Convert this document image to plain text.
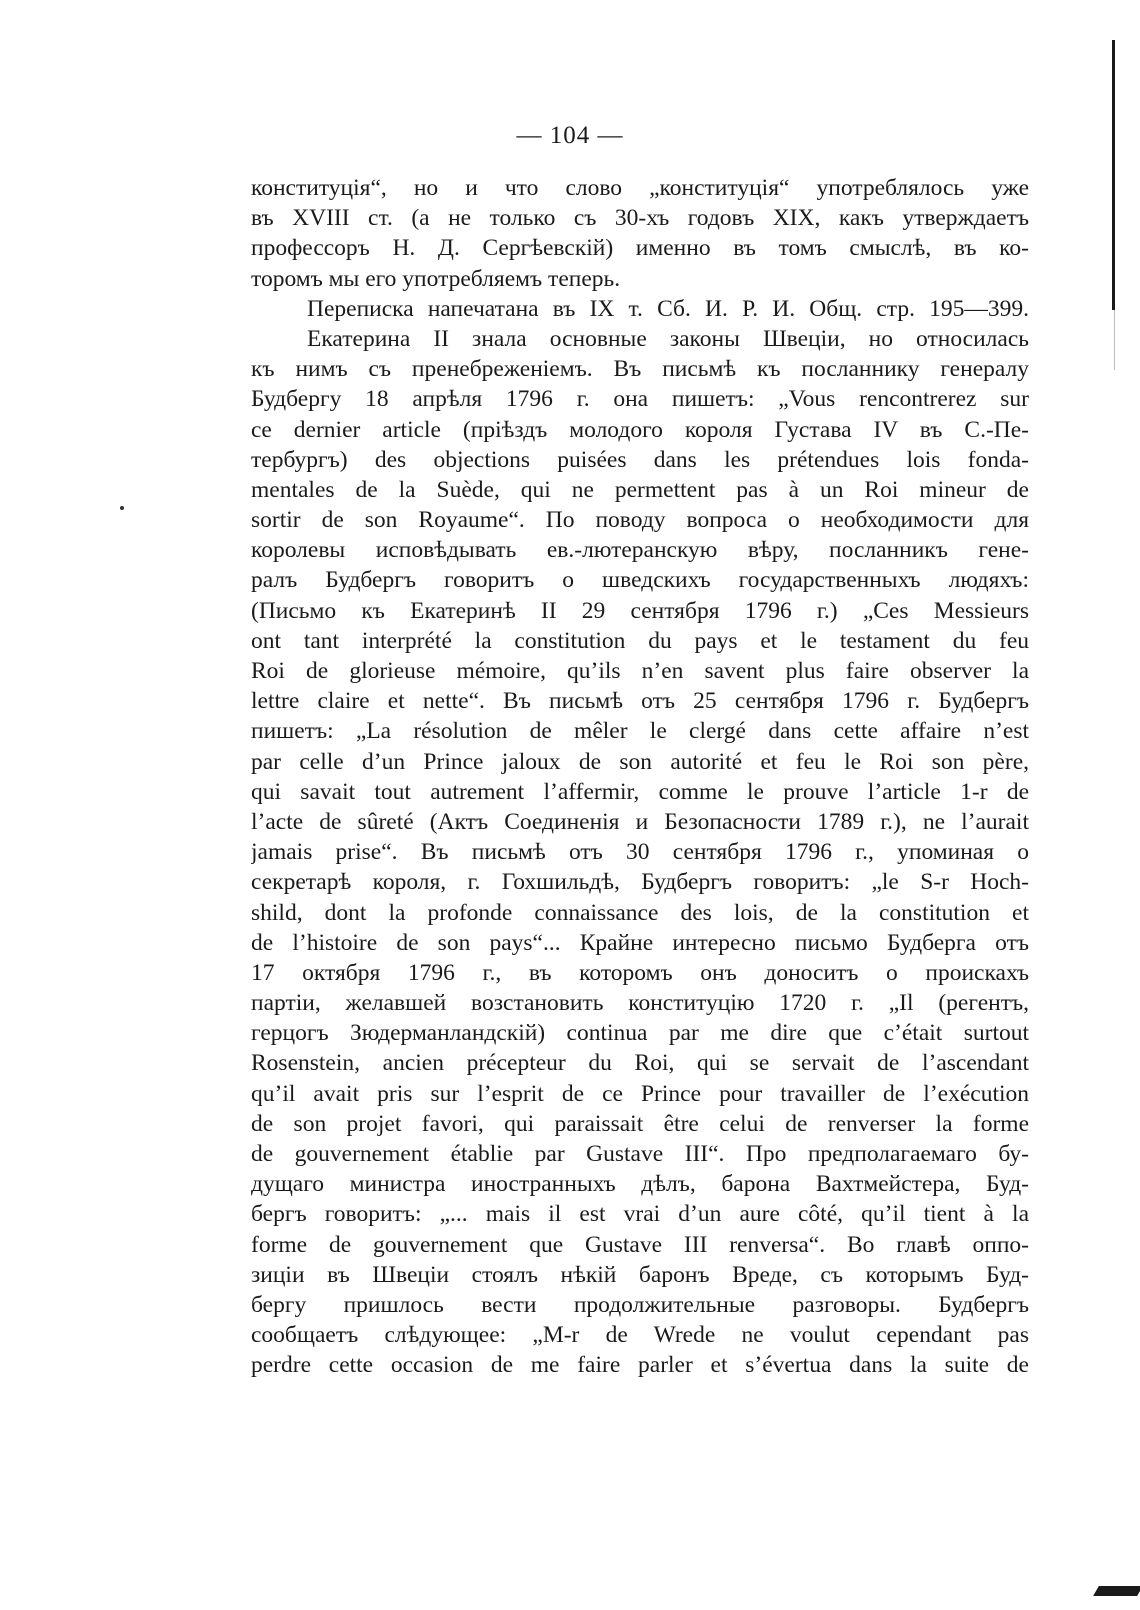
— 104 —
конституція“, но и что слово „конституція“ употреблялось уже
въ XVIII ст. (а не только съ 30-хъ годовъ XIX, какъ утверждаетъ
профессоръ Н. Д. Сергѣевскій) именно въ томъ смыслѣ, въ ко-
торомъ мы его употребляемъ теперь.
Переписка напечатана въ IX т. Сб. И. Р. И. Общ. стр. 195—399.
Екатерина II знала основные законы Швеціи, но относилась
къ нимъ съ пренебреженіемъ. Въ письмѣ къ посланнику генералу
Будбергу 18 апрѣля 1796 г. она пишетъ: „Vous rencontrerez sur
ce dernier article (пріѣздъ молодого короля Густава IV въ С.-Пе-
тербургъ) des objections puisées dans les prétendues lois fonda-
mentales de la Suède, qui ne permettent pas à un Roi mineur de
sortir de son Royaume“. По поводу вопроса о необходимости для
королевы исповѣдывать ев.-лютеранскую вѣру, посланникъ гене-
ралъ Будбергъ говоритъ о шведскихъ государственныхъ людяхъ:
(Письмо къ Екатеринѣ II 29 сентября 1796 г.) „Ces Messieurs
ont tant interprété la constitution du pays et le testament du feu
Roi de glorieuse mémoire, qu’ils n’en savent plus faire observer la
lettre claire et nette“. Въ письмѣ отъ 25 сентября 1796 г. Будбергъ
пишетъ: „La résolution de mêler le clergé dans cette affaire n’est
par celle d’un Prince jaloux de son autorité et feu le Roi son père,
qui savait tout autrement l’affermir, comme le prouve l’article 1-r de
l’acte de sûreté (Актъ Соединенія и Безопасности 1789 г.), ne l’aurait
jamais prise“. Въ письмѣ отъ 30 сентября 1796 г., упоминая о
секретарѣ короля, г. Гохшильдѣ, Будбергъ говоритъ: „le S-r Hoch-
shild, dont la profonde connaissance des lois, de la constitution et
de l’histoire de son pays“... Крайне интересно письмо Будберга отъ
17 октября 1796 г., въ которомъ онъ доноситъ о проискахъ
партіи, желавшей возстановить конституцію 1720 г. „Il (регентъ,
герцогъ Зюдерманландскій) continua par me dire que c’était surtout
Rosenstein, ancien précepteur du Roi, qui se servait de l’ascendant
qu’il avait pris sur l’esprit de ce Prince pour travailler de l’exécution
de son projet favori, qui paraissait être celui de renverser la forme
de gouvernement établie par Gustave III“. Про предполагаемаго бу-
дущаго министра иностранныхъ дѣлъ, барона Вахтмейстера, Буд-
бергъ говоритъ: „... mais il est vrai d’un aure côté, qu’il tient à la
forme de gouvernement que Gustave III renversa“. Во главѣ оппо-
зиціи въ Швеціи стоялъ нѣкій баронъ Вреде, съ которымъ Буд-
бергу пришлось вести продолжительные разговоры. Будбергъ
сообщаетъ слѣдующее: „M-r de Wrede ne voulut cependant pas
perdre cette occasion de me faire parler et s’évertua dans la suite de
